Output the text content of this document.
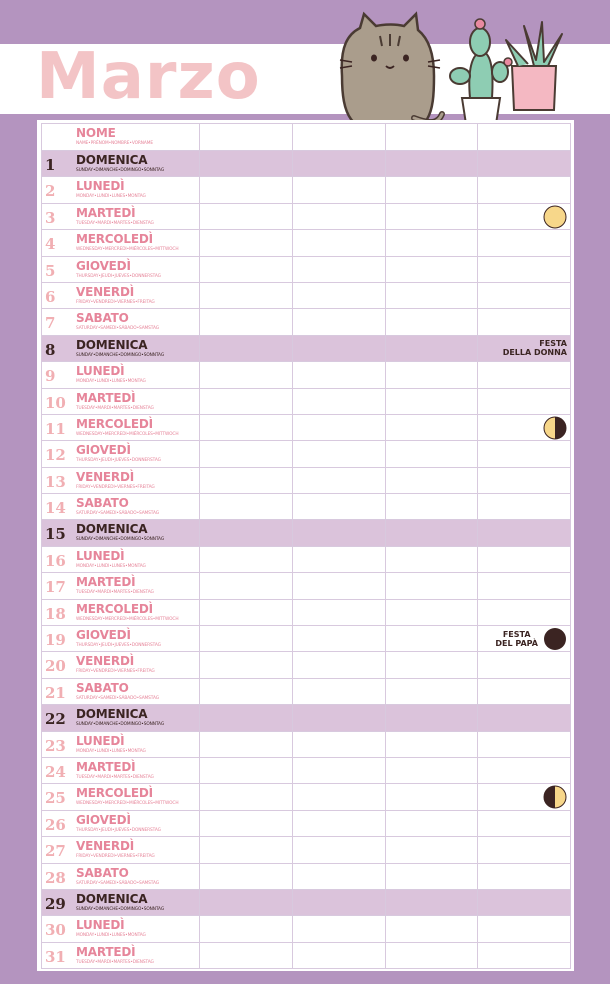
Marzo
NOME
NAME•PRÉNOM•NOMBRE•VORNAME				

1 DOMENICA
SUNDAY•DIMANCHE•DOMINGO•SONNTAG				

2 LUNEDÌ
MONDAY•LUNDI•LUNES•MONTAG				

3 MARTEDÌ
TUESDAY•MARDI•MARTES•DIENSTAG

4 MERCOLEDÌ
WEDNESDAY•MERCREDI•MIÉRCOLES•MITTWOCH				

5 GIOVEDÌ
THURSDAY•JEUDI•JUEVES•DONNERSTAG				

6 VENERDÌ
FRIDAY•VENDREDI•VIERNES•FREITAG				

7 SABATO
SATURDAY•SAMEDI•SÁBADO•SAMSTAG				

8 DOMENICA
SUNDAY•DIMANCHE•DOMINGO•SONNTAG				FESTA
DELLA DONNA

9 LUNEDÌ
MONDAY•LUNDI•LUNES•MONTAG				

10 MARTEDÌ
TUESDAY•MARDI•MARTES•DIENSTAG				

11 MERCOLEDÌ
WEDNESDAY•MERCREDI•MIÉRCOLES•MITTWOCH

12 GIOVEDÌ
THURSDAY•JEUDI•JUEVES•DONNERSTAG				

13 VENERDÌ
FRIDAY•VENDREDI•VIERNES•FREITAG				

14 SABATO
SATURDAY•SAMEDI•SÁBADO•SAMSTAG				

15 DOMENICA
SUNDAY•DIMANCHE•DOMINGO•SONNTAG				

16 LUNEDÌ
MONDAY•LUNDI•LUNES•MONTAG				

17 MARTEDÌ
TUESDAY•MARDI•MARTES•DIENSTAG				

18 MERCOLEDÌ
WEDNESDAY•MERCREDI•MIÉRCOLES•MITTWOCH				

19 GIOVEDÌ
THURSDAY•JEUDI•JUEVES•DONNERSTAG				FESTA
DEL PAPÀ

20 VENERDÌ
FRIDAY•VENDREDI•VIERNES•FREITAG				

21 SABATO
SATURDAY•SAMEDI•SÁBADO•SAMSTAG				

22 DOMENICA
SUNDAY•DIMANCHE•DOMINGO•SONNTAG				

23 LUNEDÌ
MONDAY•LUNDI•LUNES•MONTAG				

24 MARTEDÌ
TUESDAY•MARDI•MARTES•DIENSTAG				

25 MERCOLEDÌ
WEDNESDAY•MERCREDI•MIÉRCOLES•MITTWOCH

26 GIOVEDÌ
THURSDAY•JEUDI•JUEVES•DONNERSTAG				

27 VENERDÌ
FRIDAY•VENDREDI•VIERNES•FREITAG				

28 SABATO
SATURDAY•SAMEDI•SÁBADO•SAMSTAG				

29 DOMENICA
SUNDAY•DIMANCHE•DOMINGO•SONNTAG				

30 LUNEDÌ
MONDAY•LUNDI•LUNES•MONTAG				

31 MARTEDÌ
TUESDAY•MARDI•MARTES•DIENSTAG				
